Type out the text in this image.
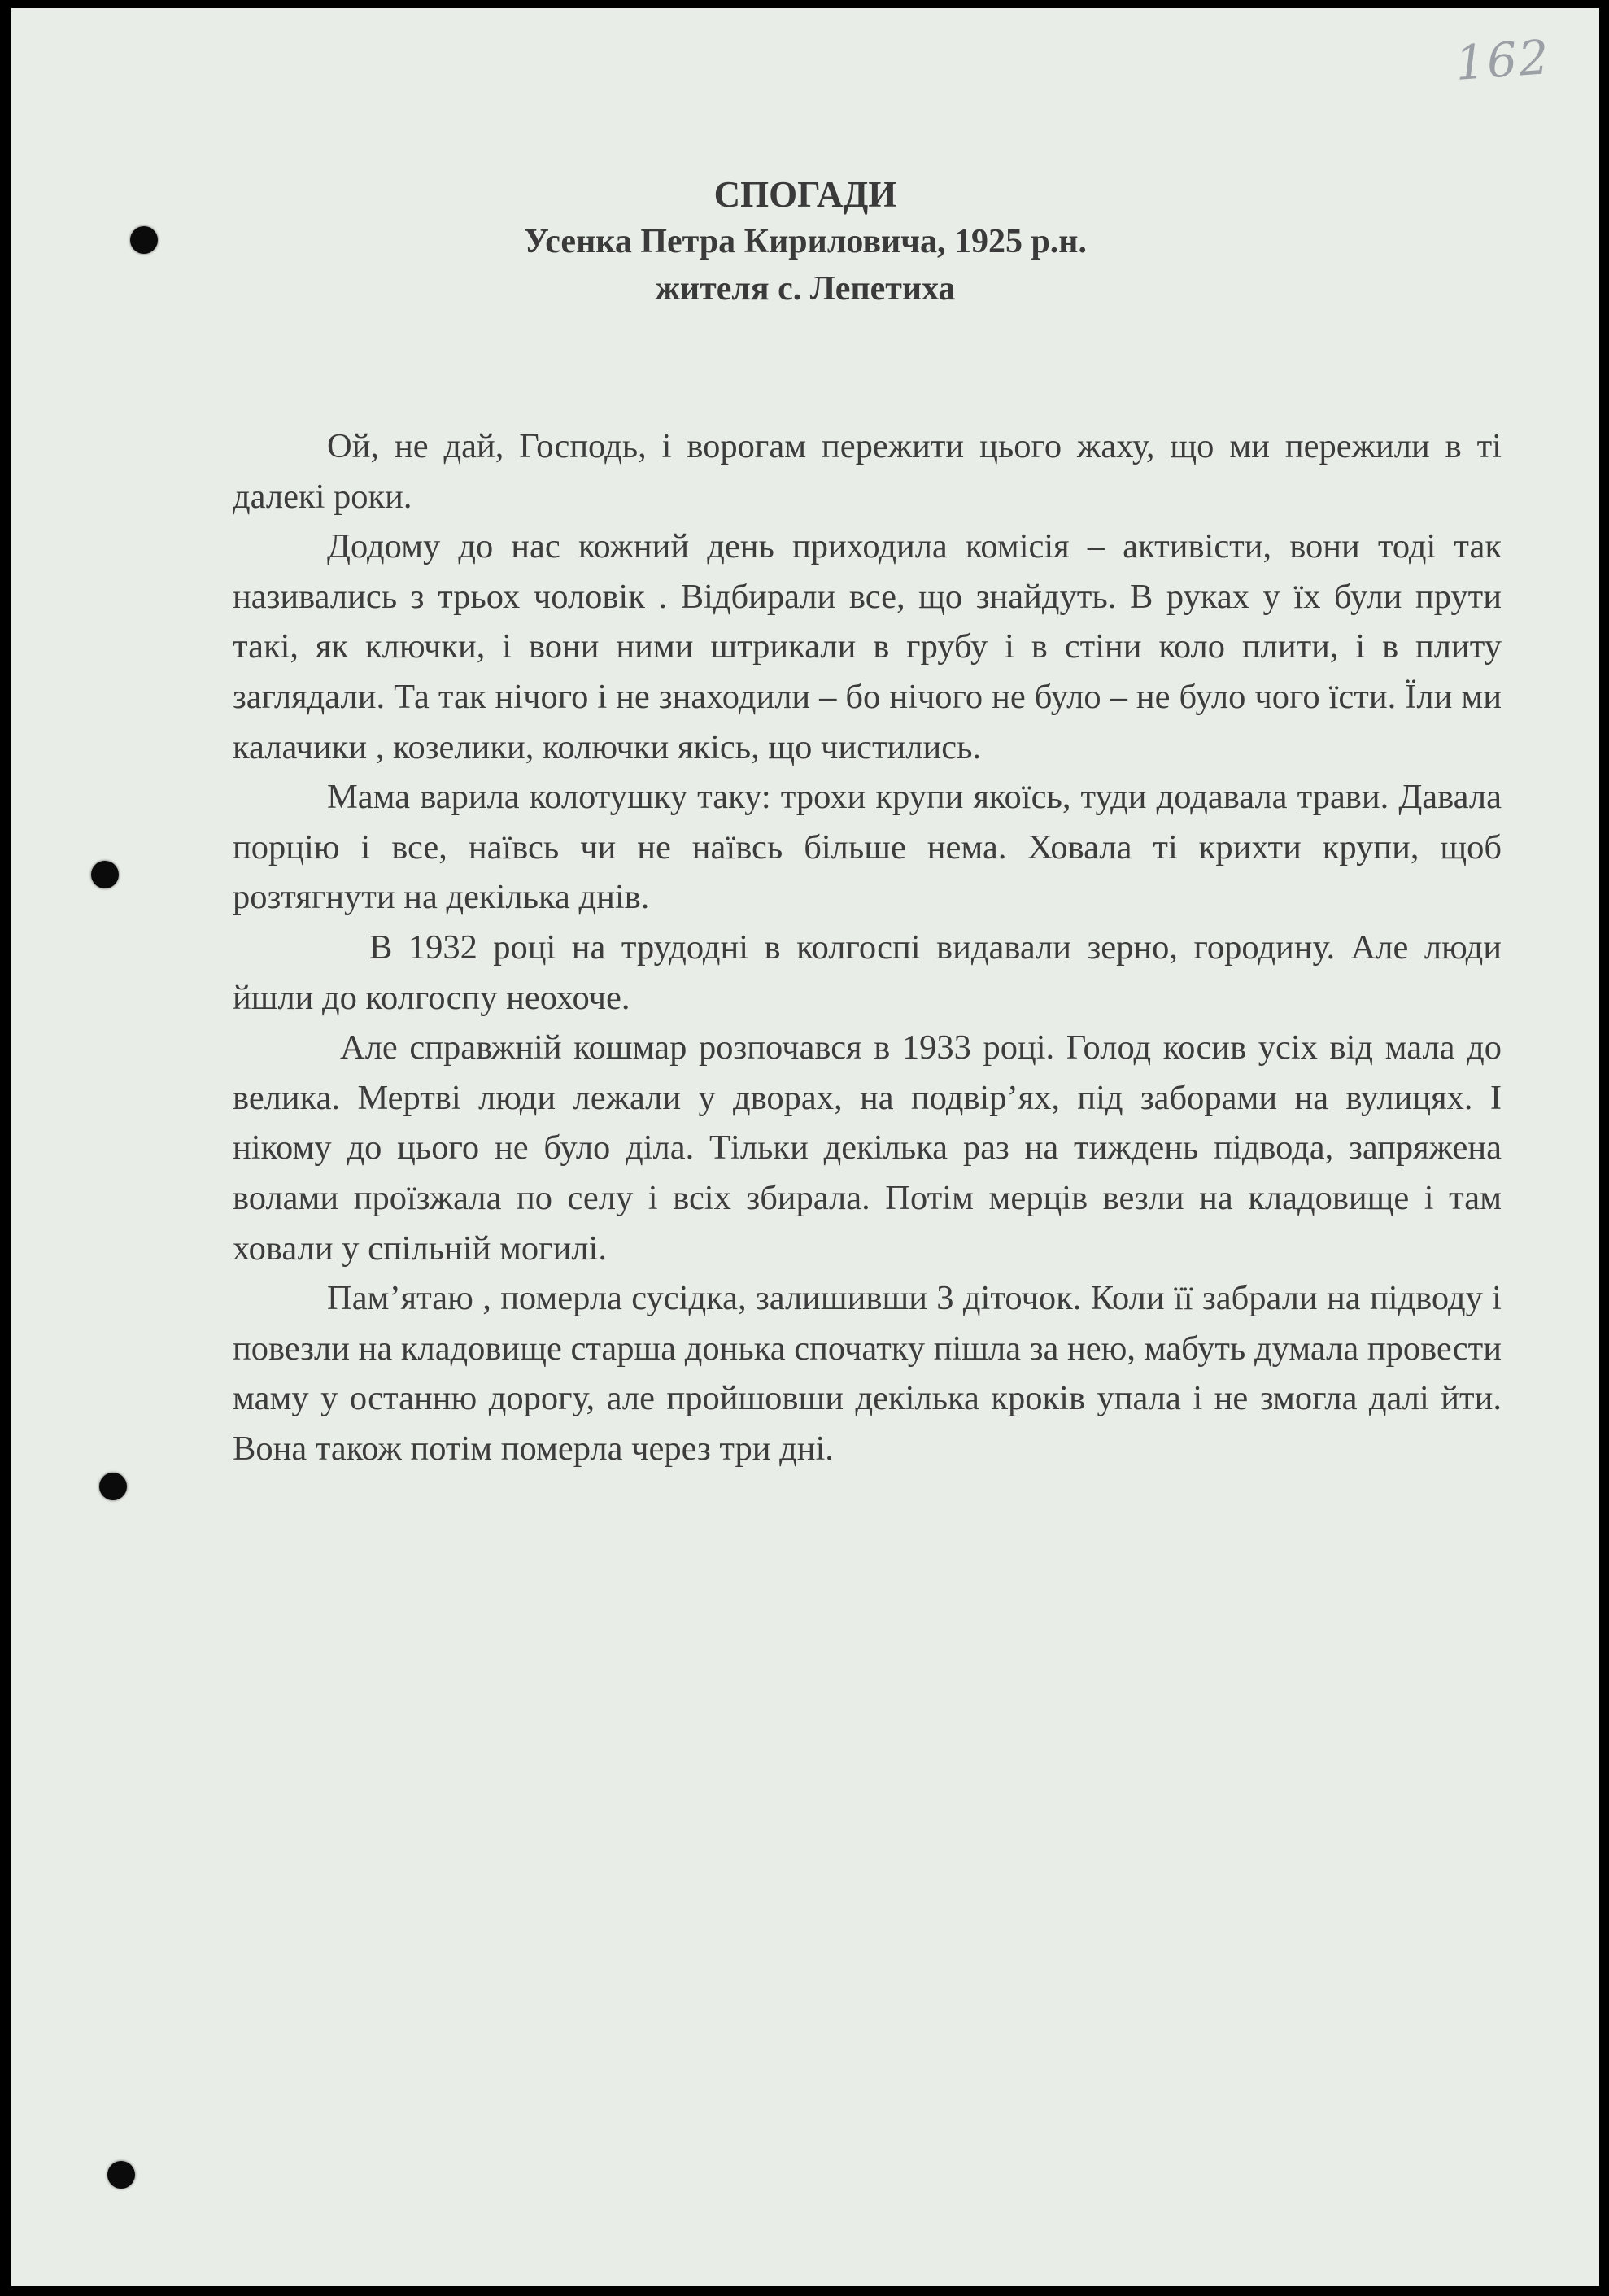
162

СПОГАДИ

Усенка Петра Кириловича, 1925 р.н.

жителя с. Лепетиха

Ой, не дай, Господь, і ворогам пережити цього жаху, що ми пережили в ті далекі роки.

Додому до нас кожний день приходила комісія – активісти, вони тоді так називались з трьох чоловік . Відбирали все, що знайдуть. В руках у їх були прути такі, як ключки, і вони ними штрикали в грубу і в стіни коло плити, і в плиту заглядали. Та так нічого і не знаходили – бо нічого не було – не було чого їсти. Їли ми калачики , козелики, колючки якісь, що чистились.

Мама варила колотушку таку: трохи крупи якоїсь, туди додавала трави. Давала порцію і все, наївсь чи не наївсь більше нема. Ховала ті крихти крупи, щоб розтягнути на декілька днів.

В 1932 році на трудодні в колгоспі видавали зерно, городину. Але люди йшли до колгоспу неохоче.

Але справжній кошмар розпочався в 1933 році. Голод косив усіх від мала до велика. Мертві люди лежали у дворах, на подвір’ях, під заборами на вулицях. І нікому до цього не було діла. Тільки декілька раз на тиждень підвода, запряжена волами проїзжала по селу і всіх збирала. Потім мерців везли на кладовище і там ховали у спільній могилі.

Пам’ятаю , померла сусідка, залишивши 3 діточок. Коли її забрали на підводу і повезли на кладовище старша донька спочатку пішла за нею, мабуть думала провести маму у останню дорогу, але пройшовши декілька кроків упала і не змогла далі йти. Вона також потім померла через три дні.
